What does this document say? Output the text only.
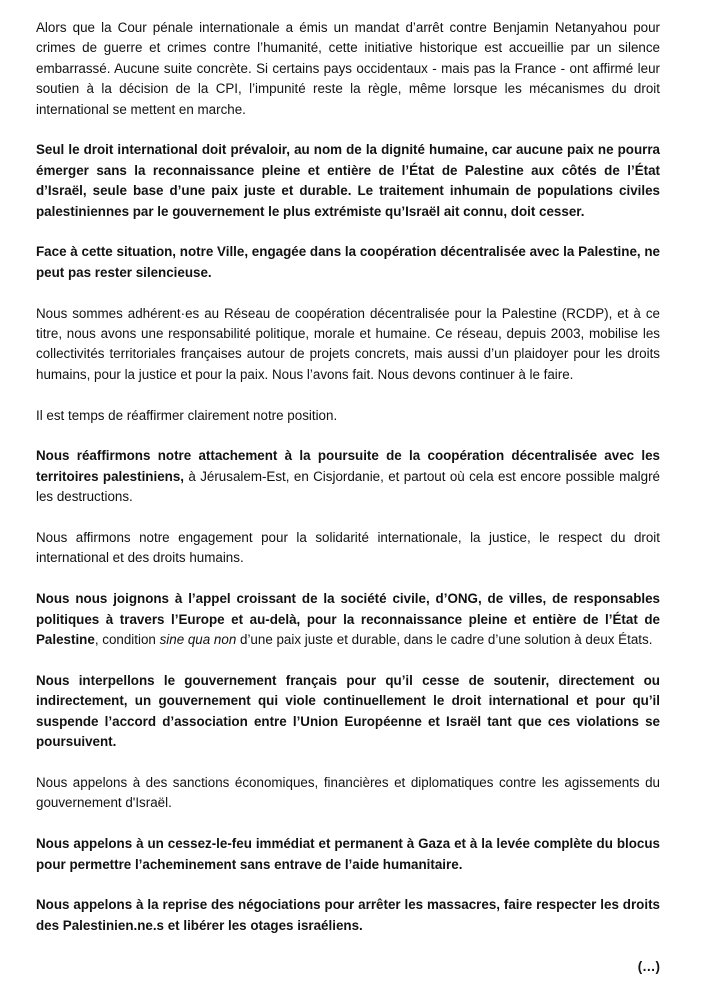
Alors que la Cour pénale internationale a émis un mandat d’arrêt contre Benjamin Netanyahou pour crimes de guerre et crimes contre l’humanité, cette initiative historique est accueillie par un silence embarrassé. Aucune suite concrète. Si certains pays occidentaux - mais pas la France - ont affirmé leur soutien à la décision de la CPI, l’impunité reste la règle, même lorsque les mécanismes du droit international se mettent en marche.

Seul le droit international doit prévaloir, au nom de la dignité humaine, car aucune paix ne pourra émerger sans la reconnaissance pleine et entière de l’État de Palestine aux côtés de l’État d’Israël, seule base d’une paix juste et durable. Le traitement inhumain de populations civiles palestiniennes par le gouvernement le plus extrémiste qu’Israël ait connu, doit cesser.

Face à cette situation, notre Ville, engagée dans la coopération décentralisée avec la Palestine, ne peut pas rester silencieuse.

Nous sommes adhérent·es au Réseau de coopération décentralisée pour la Palestine (RCDP), et à ce titre, nous avons une responsabilité politique, morale et humaine. Ce réseau, depuis 2003, mobilise les collectivités territoriales françaises autour de projets concrets, mais aussi d’un plaidoyer pour les droits humains, pour la justice et pour la paix. Nous l’avons fait. Nous devons continuer à le faire.

Il est temps de réaffirmer clairement notre position.

Nous réaffirmons notre attachement à la poursuite de la coopération décentralisée avec les territoires palestiniens, à Jérusalem-Est, en Cisjordanie, et partout où cela est encore possible malgré les destructions.

Nous affirmons notre engagement pour la solidarité internationale, la justice, le respect du droit international et des droits humains.

Nous nous joignons à l’appel croissant de la société civile, d’ONG, de villes, de responsables politiques à travers l’Europe et au-delà, pour la reconnaissance pleine et entière de l’État de Palestine, condition sine qua non d’une paix juste et durable, dans le cadre d’une solution à deux États.

Nous interpellons le gouvernement français pour qu’il cesse de soutenir, directement ou indirectement, un gouvernement qui viole continuellement le droit international et pour qu’il suspende l’accord d’association entre l’Union Européenne et Israël tant que ces violations se poursuivent.

Nous appelons à des sanctions économiques, financières et diplomatiques contre les agissements du gouvernement d'Israël.

Nous appelons à un cessez-le-feu immédiat et permanent à Gaza et à la levée complète du blocus pour permettre l’acheminement sans entrave de l’aide humanitaire.

Nous appelons à la reprise des négociations pour arrêter les massacres, faire respecter les droits des Palestinien.ne.s et libérer les otages israéliens.

(…)
